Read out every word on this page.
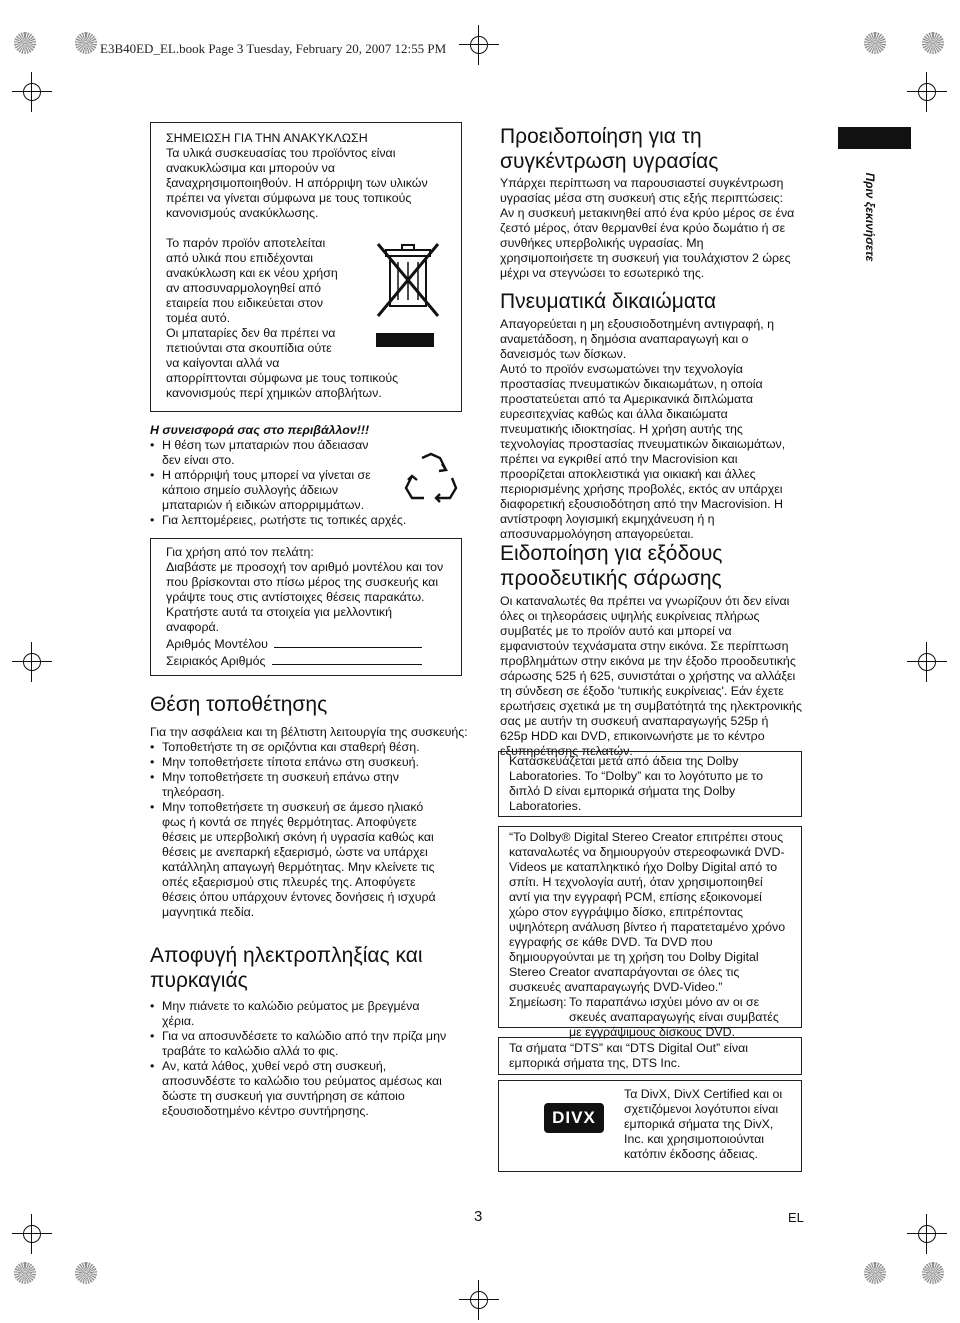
E3B40ED_EL.book Page 3 Tuesday, February 20, 2007 12:55 PM
Πριν ξεκινήσετε
ΣΗΜΕΙΩΣΗ ΓΙΑ ΤΗΝ ΑΝΑΚΥΚΛΩΣΗ

Τα υλικά συσκευασίας του προϊόντος είναι

ανακυκλώσιμα και μπορούν να

ξαναχρησιμοποιηθούν. Η απόρριψη των υλικών

πρέπει να γίνεται σύμφωνα με τους τοπικούς

κανονισμούς ανακύκλωσης.

Το παρόν προϊόν αποτελείται

από υλικά που επιδέχονται

ανακύκλωση και εκ νέου χρήση

αν αποσυναρμολογηθεί από

εταιρεία που ειδικεύεται στον

τομέα αυτό.

Οι μπαταρίες δεν θα πρέπει να

πετιούνται στα σκουπίδια ούτε

να καίγονται αλλά να

απορρίπτονται σύμφωνα με τους τοπικούς

κανονισμούς περί χημικών αποβλήτων.

Η συνεισφορά σας στο περιβάλλον!!!
• Η θέση των μπαταριών που άδειασαν
δεν είναι στο.
• Η απόρριψή τους μπορεί να γίνεται σε
κάποιο σημείο συλλογής άδειων
μπαταριών ή ειδικών απορριμμάτων.
• Για λεπτομέρειες, ρωτήστε τις τοπικές αρχές.

Για χρήση από τον πελάτη:

Διαβάστε με προσοχή τον αριθμό μοντέλου και τον

που βρίσκονται στο πίσω μέρος της συσκευής και

γράψτε τους στις αντίστοιχες θέσεις παρακάτω.

Κρατήστε αυτά τα στοιχεία για μελλοντική

αναφορά.

Αριθμός Μοντέλου

Σειριακός Αριθμός

Θέση τοποθέτησης

Για την ασφάλεια και τη βέλτιστη λειτουργία της συσκευής:

• Τοποθετήστε τη σε οριζόντια και σταθερή θέση.
• Μην τοποθετήσετε τίποτα επάνω στη συσκευή.
• Μην τοποθετήσετε τη συσκευή επάνω στην
τηλεόραση.
• Μην τοποθετήσετε τη συσκευή σε άμεσο ηλιακό
φως ή κοντά σε πηγές θερμότητας. Αποφύγετε
θέσεις με υπερβολική σκόνη ή υγρασία καθώς και
θέσεις με ανεπαρκή εξαερισμό, ώστε να υπάρχει
κατάλληλη απαγωγή θερμότητας. Μην κλείνετε τις
οπές εξαερισμού στις πλευρές της. Αποφύγετε
θέσεις όπου υπάρχουν έντονες δονήσεις ή ισχυρά
μαγνητικά πεδία.
Αποφυγή ηλεκτροπληξίας και
πυρκαγιάς
• Μην πιάνετε το καλώδιο ρεύματος με βρεγμένα
χέρια.
• Για να αποσυνδέσετε το καλώδιο από την πρίζα μην
τραβάτε το καλώδιο αλλά το φις.
• Αν, κατά λάθος, χυθεί νερό στη συσκευή,
αποσυνδέστε το καλώδιο του ρεύματος αμέσως και
δώστε τη συσκευή για συντήρηση σε κάποιο
εξουσιοδοτημένο κέντρο συντήρησης.
Προειδοποίηση για τη
συγκέντρωση υγρασίας

Υπάρχει περίπτωση να παρουσιαστεί συγκέντρωση

υγρασίας μέσα στη συσκευή στις εξής περιπτώσεις:

Αν η συσκευή μετακινηθεί από ένα κρύο μέρος σε ένα

ζεστό μέρος, όταν θερμανθεί ένα κρύο δωμάτιο ή σε

συνθήκες υπερβολικής υγρασίας. Μη

χρησιμοποιήσετε τη συσκευή για τουλάχιστον 2 ώρες

μέχρι να στεγνώσει το εσωτερικό της.

Πνευματικά δικαιώματα

Απαγορεύεται η μη εξουσιοδοτημένη αντιγραφή, η

αναμετάδοση, η δημόσια αναπαραγωγή και ο

δανεισμός των δίσκων.

Αυτό το προϊόν ενσωματώνει την τεχνολογία

προστασίας πνευματικών δικαιωμάτων, η οποία

προστατεύεται από τα Αμερικανικά διπλώματα

ευρεσιτεχνίας καθώς και άλλα δικαιώματα

πνευματικής ιδιοκτησίας. Η χρήση αυτής της

τεχνολογίας προστασίας πνευματικών δικαιωμάτων,

πρέπει να εγκριθεί από την Macrovision και

προορίζεται αποκλειστικά για οικιακή και άλλες

περιορισμένης χρήσης προβολές, εκτός αν υπάρχει

διαφορετική εξουσιοδότηση από την Macrovision. Η

αντίστροφη λογισμική εκμηχάνευση ή η

αποσυναρμολόγηση απαγορεύεται.

Ειδοποίηση για εξόδους
προοδευτικής σάρωσης

Οι καταναλωτές θα πρέπει να γνωρίζουν ότι δεν είναι

όλες οι τηλεοράσεις υψηλής ευκρίνειας πλήρως

συμβατές με το προϊόν αυτό και μπορεί να

εμφανιστούν τεχνάσματα στην εικόνα. Σε περίπτωση

προβλημάτων στην εικόνα με την έξοδο προοδευτικής

σάρωσης 525 ή 625, συνιστάται ο χρήστης να αλλάξει

τη σύνδεση σε έξοδο 'τυπικής ευκρίνειας'. Εάν έχετε

ερωτήσεις σχετικά με τη συμβατότητά της ηλεκτρονικής

σας με αυτήν τη συσκευή αναπαραγωγής 525p ή

625p HDD και DVD, επικοινωνήστε με το κέντρο

εξυπηρέτησης πελατών.

Κατασκευάζεται μετά από άδεια της Dolby

Laboratories. Το “Dolby” και το λογότυπο με το

διπλό D είναι εμπορικά σήματα της Dolby

Laboratories.

“To Dolby® Digital Stereo Creator επιτρέπει στους

καταναλωτές να δημιουργούν στερεοφωνικά DVD-

Videos με καταπληκτικό ήχο Dolby Digital από το

σπίτι. Η τεχνολογία αυτή, όταν χρησιμοποιηθεί

αντί για την εγγραφή PCM, επίσης εξοικονομεί

χώρο στον εγγράψιμο δίσκο, επιτρέποντας

υψηλότερη ανάλυση βίντεο ή παρατεταμένο χρόνο

εγγραφής σε κάθε DVD. Τα DVD που

δημιουργούνται με τη χρήση του Dolby Digital

Stereo Creator αναπαράγονται σε όλες τις

συσκευές αναπαραγωγής DVD-Video.”

Σημείωση: Το παραπάνω ισχύει μόνο αν οι σε

σκευές αναπαραγωγής είναι συμβατές

με εγγράψιμους δίσκους DVD.

Τα σήματα “DTS” και “DTS Digital Out” είναι

εμπορικά σήματα της, DTS Inc.

DIVX

Τα DivX, DivX Certified και οι

σχετιζόμενοι λογότυποι είναι

εμπορικά σήματα της DivX,

Inc. και χρησιμοποιούνται

κατόπιν έκδοσης άδειας.

3	EL
